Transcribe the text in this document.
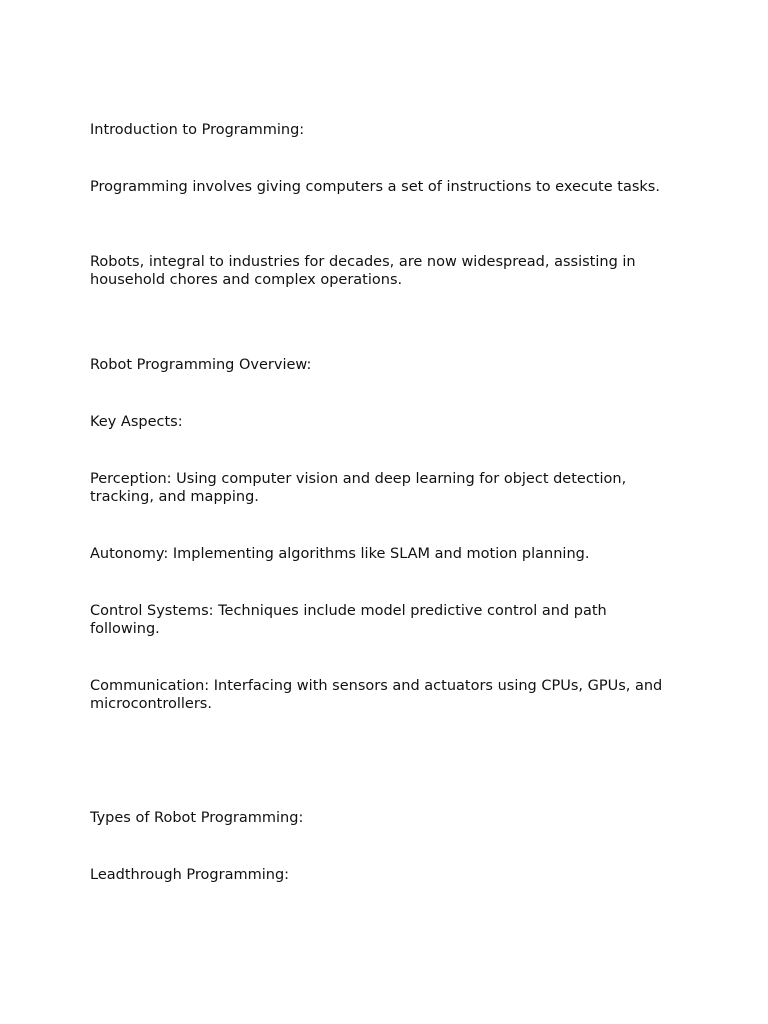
Introduction to Programming:

Programming involves giving computers a set of instructions to execute tasks.

Robots, integral to industries for decades, are now widespread, assisting in household chores and complex operations.

Robot Programming Overview:

Key Aspects:

Perception: Using computer vision and deep learning for object detection, tracking, and mapping.

Autonomy: Implementing algorithms like SLAM and motion planning.

Control Systems: Techniques include model predictive control and path following.

Communication: Interfacing with sensors and actuators using CPUs, GPUs, and microcontrollers.

Types of Robot Programming:

Leadthrough Programming:
